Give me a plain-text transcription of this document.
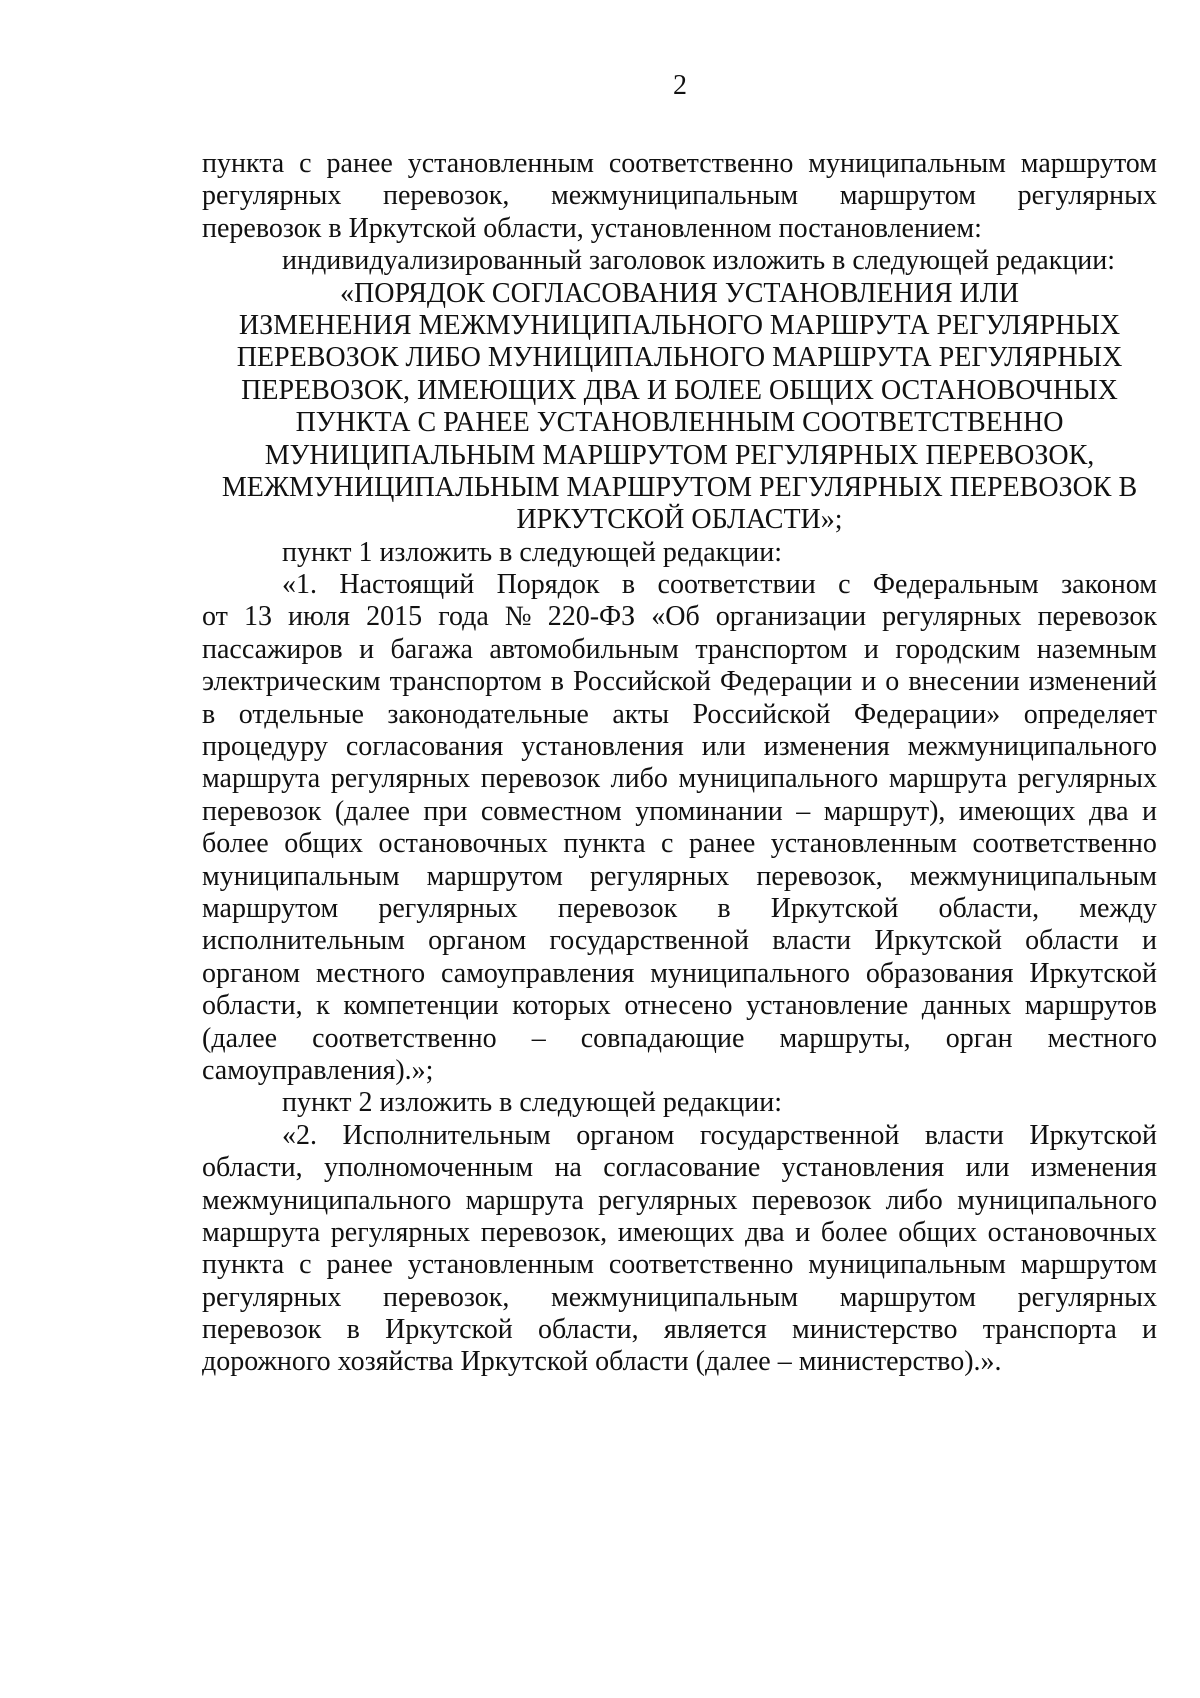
2
пункта с ранее установленным соответственно муниципальным маршрутом
регулярных перевозок, межмуниципальным маршрутом регулярных
перевозок в Иркутской области, установленном постановлением:
индивидуализированный заголовок изложить в следующей редакции:
«ПОРЯДОК СОГЛАСОВАНИЯ УСТАНОВЛЕНИЯ ИЛИ
ИЗМЕНЕНИЯ МЕЖМУНИЦИПАЛЬНОГО МАРШРУТА РЕГУЛЯРНЫХ
ПЕРЕВОЗОК ЛИБО МУНИЦИПАЛЬНОГО МАРШРУТА РЕГУЛЯРНЫХ
ПЕРЕВОЗОК, ИМЕЮЩИХ ДВА И БОЛЕЕ ОБЩИХ ОСТАНОВОЧНЫХ
ПУНКТА С РАНЕЕ УСТАНОВЛЕННЫМ СООТВЕТСТВЕННО
МУНИЦИПАЛЬНЫМ МАРШРУТОМ РЕГУЛЯРНЫХ ПЕРЕВОЗОК,
МЕЖМУНИЦИПАЛЬНЫМ МАРШРУТОМ РЕГУЛЯРНЫХ ПЕРЕВОЗОК В
ИРКУТСКОЙ ОБЛАСТИ»;
пункт 1 изложить в следующей редакции:
«1. Настоящий Порядок в соответствии с Федеральным законом
от 13 июля 2015 года № 220-ФЗ «Об организации регулярных перевозок
пассажиров и багажа автомобильным транспортом и городским наземным
электрическим транспортом в Российской Федерации и о внесении изменений
в отдельные законодательные акты Российской Федерации» определяет
процедуру согласования установления или изменения межмуниципального
маршрута регулярных перевозок либо муниципального маршрута регулярных
перевозок (далее при совместном упоминании – маршрут), имеющих два и
более общих остановочных пункта с ранее установленным соответственно
муниципальным маршрутом регулярных перевозок, межмуниципальным
маршрутом регулярных перевозок в Иркутской области, между
исполнительным органом государственной власти Иркутской области и
органом местного самоуправления муниципального образования Иркутской
области, к компетенции которых отнесено установление данных маршрутов
(далее соответственно – совпадающие маршруты, орган местного
самоуправления).»;
пункт 2 изложить в следующей редакции:
«2. Исполнительным органом государственной власти Иркутской
области, уполномоченным на согласование установления или изменения
межмуниципального маршрута регулярных перевозок либо муниципального
маршрута регулярных перевозок, имеющих два и более общих остановочных
пункта с ранее установленным соответственно муниципальным маршрутом
регулярных перевозок, межмуниципальным маршрутом регулярных
перевозок в Иркутской области, является министерство транспорта и
дорожного хозяйства Иркутской области (далее – министерство).».
